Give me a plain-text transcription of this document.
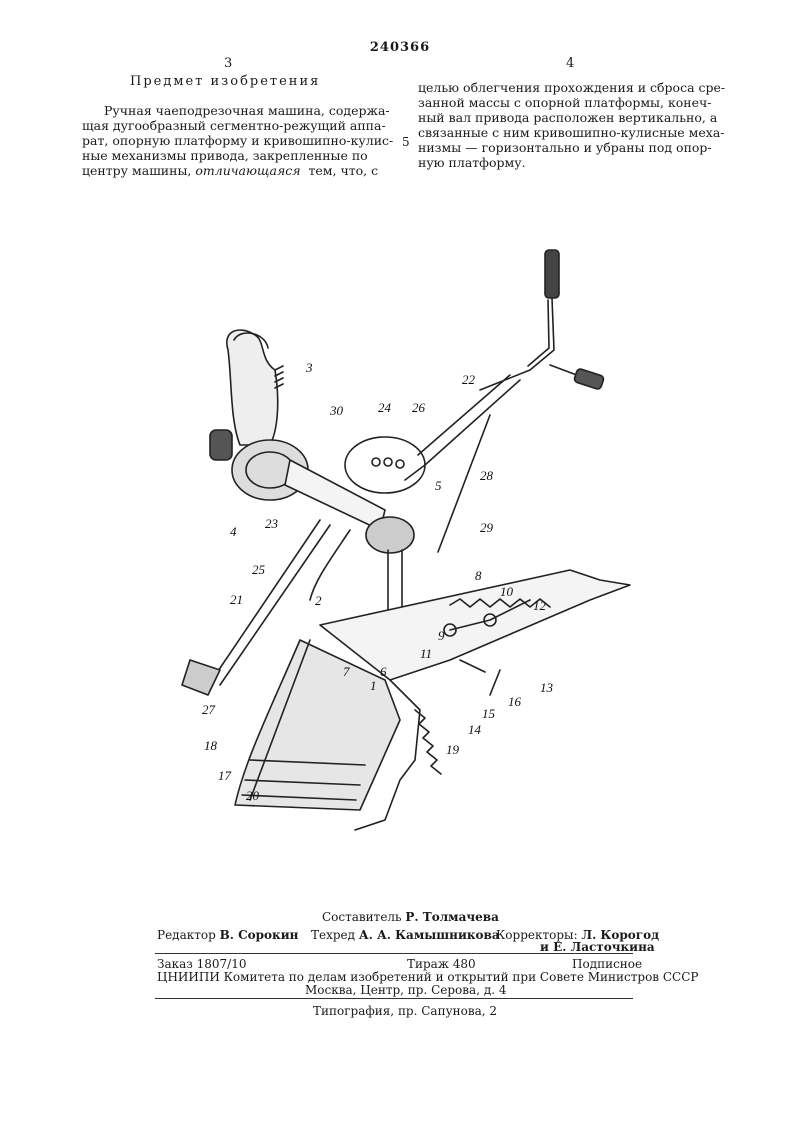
240366
3	4
Предмет изобретения
Ручная чаеподрезочная машина, содержа-
щая дугообразный сегментно-режущий аппа-
рат, опорную платформу и кривошипно-кулис-
ные механизмы привода, закрепленные по
центру машины, отличающаяся тем, что, с
5
целью облегчения прохождения и сброса сре-
занной массы с опорной платформы, конеч-
ный вал привода расположен вертикально, а
связанные с ним кривошипно-кулисные меха-
низмы — горизонтально и убраны под опор-
ную платформу.
3
22
30	24 26
28
5
4
23	29
25
2
8
10
12
21
9
11
6
7
1	13
16
15
14
27
18	19
17
20
Составитель Р. Толмачева
Редактор В. Сорокин Техред А. А. Камышникова
Корректоры: Л. Корогод
и Е. Ласточкина
Заказ 1807/10	Тираж 480	Подписное
ЦНИИПИ Комитета по делам изобретений и открытий при Совете Министров СССР
Москва, Центр, пр. Серова, д. 4
Типография, пр. Сапунова, 2
